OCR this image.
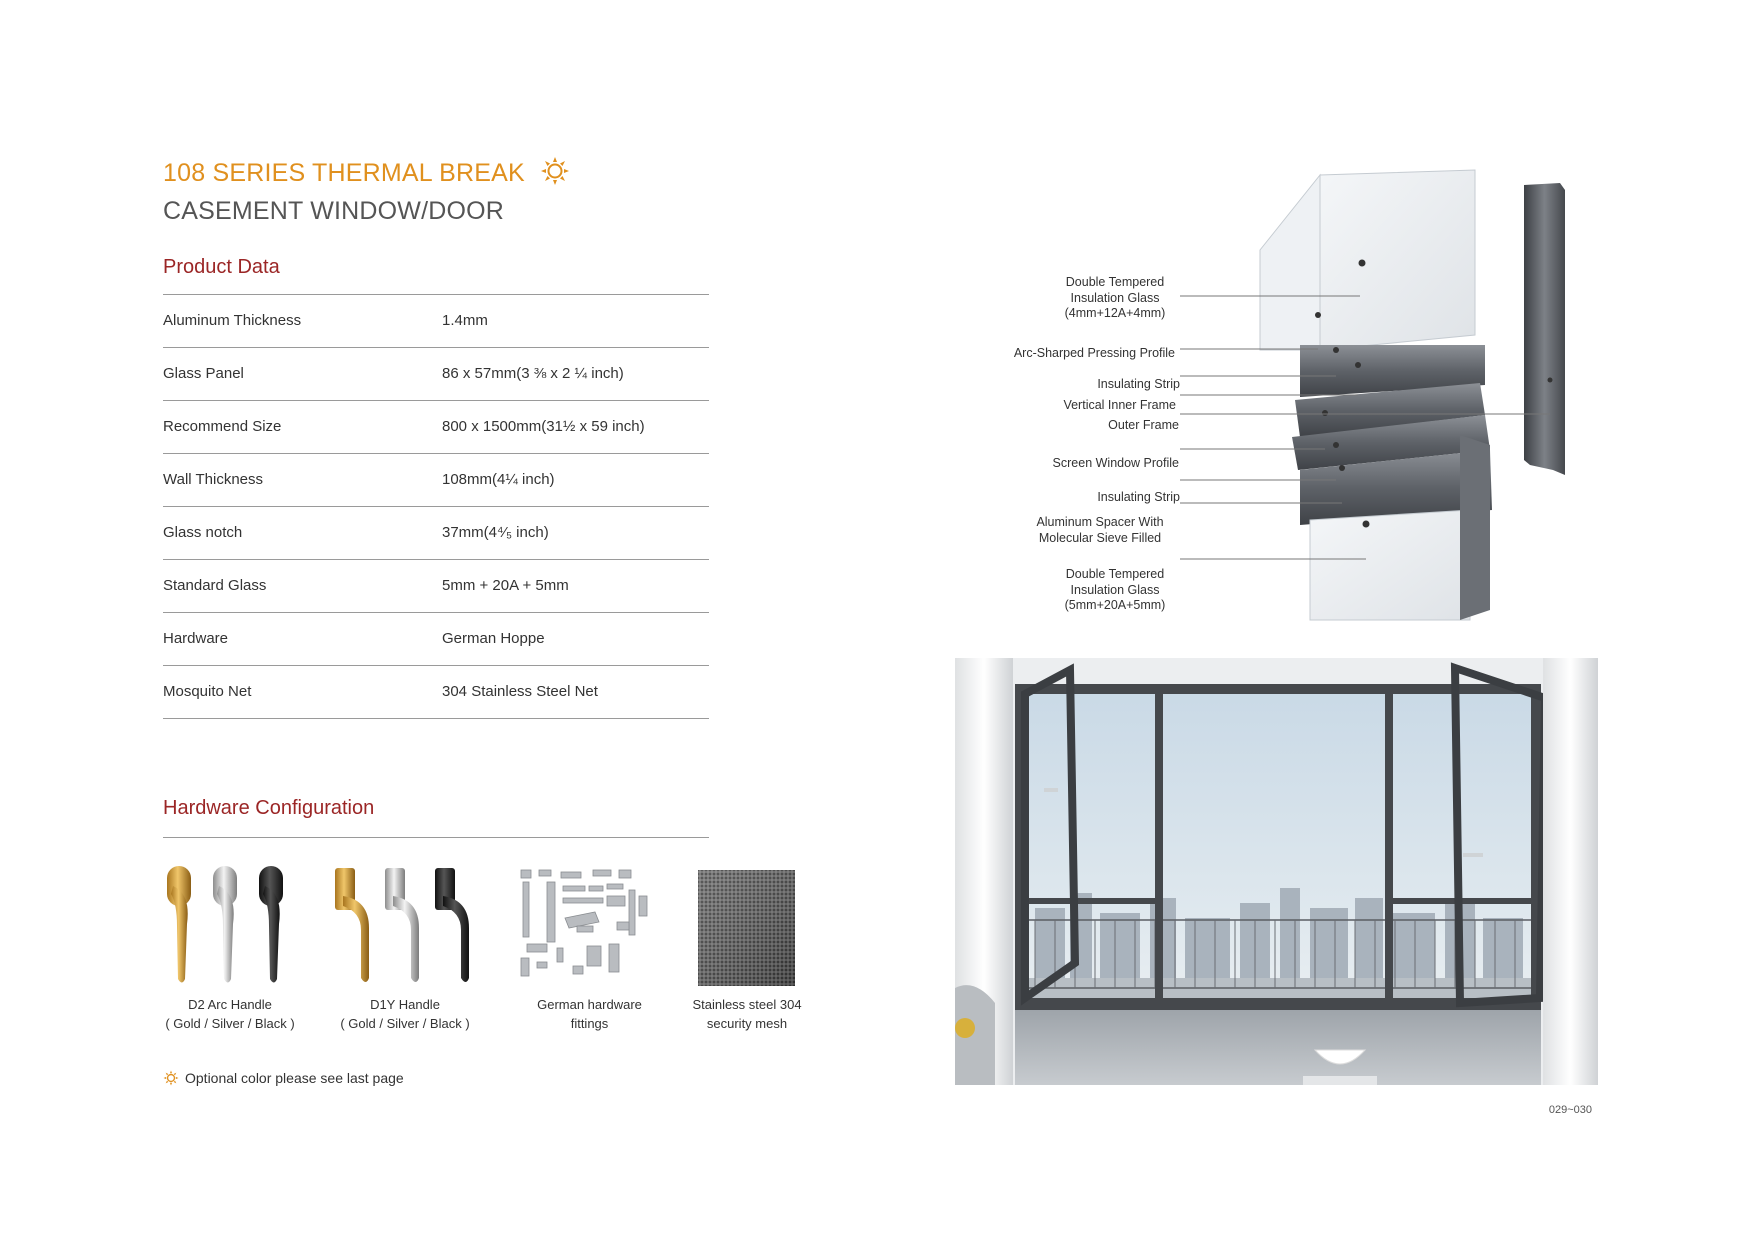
108 SERIES THERMAL BREAK
CASEMENT WINDOW/DOOR
Product Data
Aluminum Thickness	1.4mm
Glass Panel	86 x 57mm(3 ⅜ x 2 ¼ inch)
Recommend Size	800 x 1500mm(31½ x 59 inch)
Wall Thickness	108mm(4¼ inch)
Glass notch	37mm(4⁴⁄₅ inch)
Standard Glass	5mm + 20A + 5mm
Hardware	German Hoppe
Mosquito Net	304 Stainless Steel Net
Hardware Configuration
D2 Arc Handle
( Gold / Silver / Black )
D1Y Handle
( Gold / Silver / Black )
German hardware
fittings
Stainless steel 304
security mesh
Optional color please see last page
Double Tempered
Insulation Glass
(4mm+12A+4mm)
Arc-Sharped Pressing Profile
Insulating Strip
Vertical Inner Frame
Outer Frame
Screen Window Profile
Insulating Strip
Aluminum Spacer With
Molecular Sieve Filled
Double Tempered
Insulation Glass
(5mm+20A+5mm)
029~030
